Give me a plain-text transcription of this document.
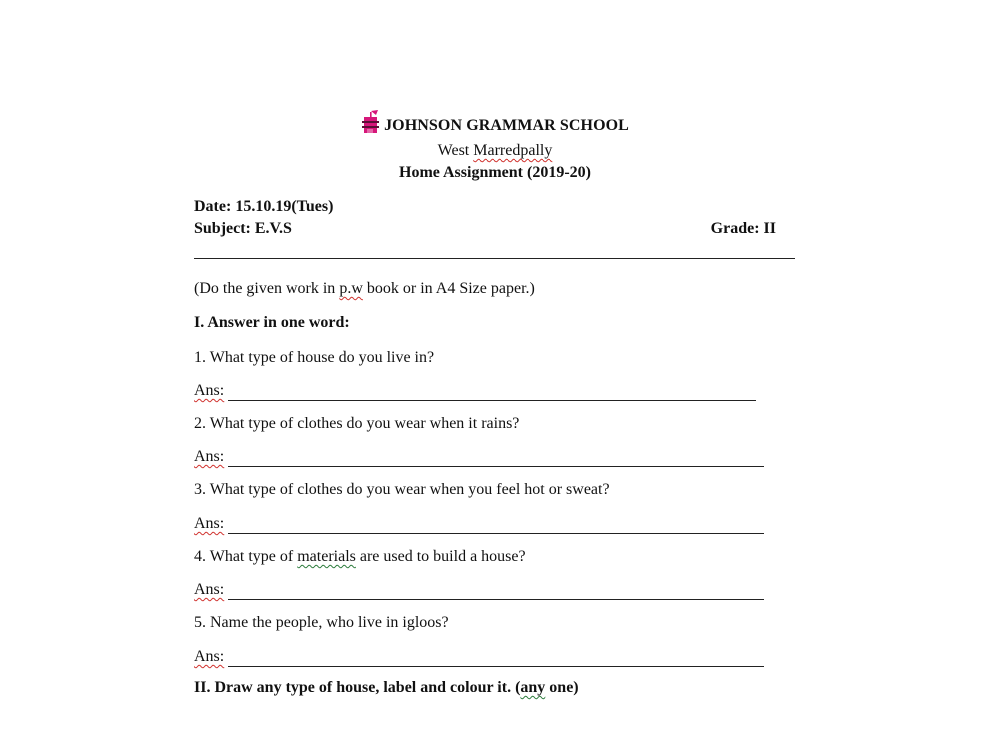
JOHNSON GRAMMAR SCHOOL
West Marredpally
Home Assignment (2019-20)
Date: 15.10.19(Tues)
Subject: E.V.S	Grade: II
(Do the given work in p.w book or in A4 Size paper.)
I. Answer in one word:
1. What type of house do you live in?
Ans:
2. What type of clothes do you wear when it rains?
Ans:
3. What type of clothes do you wear when you feel hot or sweat?
Ans:
4. What type of materials are used to build a house?
Ans:
5. Name the people, who live in igloos?
Ans:
II. Draw any type of house, label and colour it. (any one)
